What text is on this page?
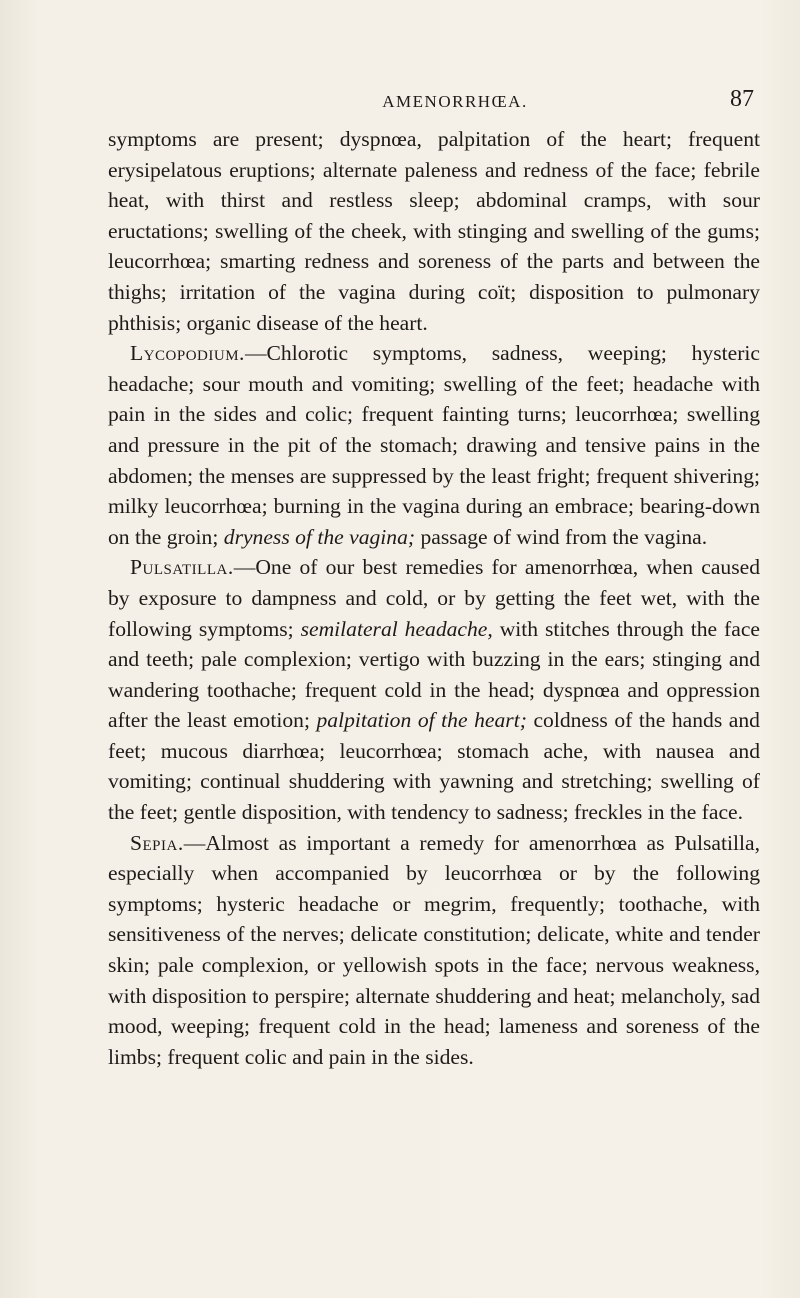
AMENORRHŒA.	87

symptoms are present; dyspnœa, palpitation of the heart; frequent erysipelatous eruptions; alternate paleness and redness of the face; febrile heat, with thirst and restless sleep; abdominal cramps, with sour eructations; swelling of the cheek, with stinging and swelling of the gums; leucorrhœa; smarting redness and soreness of the parts and between the thighs; irritation of the vagina during coït; disposition to pulmonary phthisis; organic disease of the heart.

Lycopodium.—Chlorotic symptoms, sadness, weeping; hysteric headache; sour mouth and vomiting; swelling of the feet; headache with pain in the sides and colic; frequent fainting turns; leucorrhœa; swelling and pressure in the pit of the stomach; drawing and tensive pains in the abdomen; the menses are suppressed by the least fright; frequent shivering; milky leucorrhœa; burning in the vagina during an embrace; bearing-down on the groin; dryness of the vagina; passage of wind from the vagina.

Pulsatilla.—One of our best remedies for amenorrhœa, when caused by exposure to dampness and cold, or by getting the feet wet, with the following symptoms; semilateral headache, with stitches through the face and teeth; pale complexion; vertigo with buzzing in the ears; stinging and wandering toothache; frequent cold in the head; dyspnœa and oppression after the least emotion; palpitation of the heart; coldness of the hands and feet; mucous diarrhœa; leucorrhœa; stomach ache, with nausea and vomiting; continual shuddering with yawning and stretching; swelling of the feet; gentle disposition, with tendency to sadness; freckles in the face.

Sepia.—Almost as important a remedy for amenorrhœa as Pulsatilla, especially when accompanied by leucorrhœa or by the following symptoms; hysteric headache or megrim, frequently; toothache, with sensitiveness of the nerves; delicate constitution; delicate, white and tender skin; pale complexion, or yellowish spots in the face; nervous weakness, with disposition to perspire; alternate shuddering and heat; melancholy, sad mood, weeping; frequent cold in the head; lameness and soreness of the limbs; frequent colic and pain in the sides.
